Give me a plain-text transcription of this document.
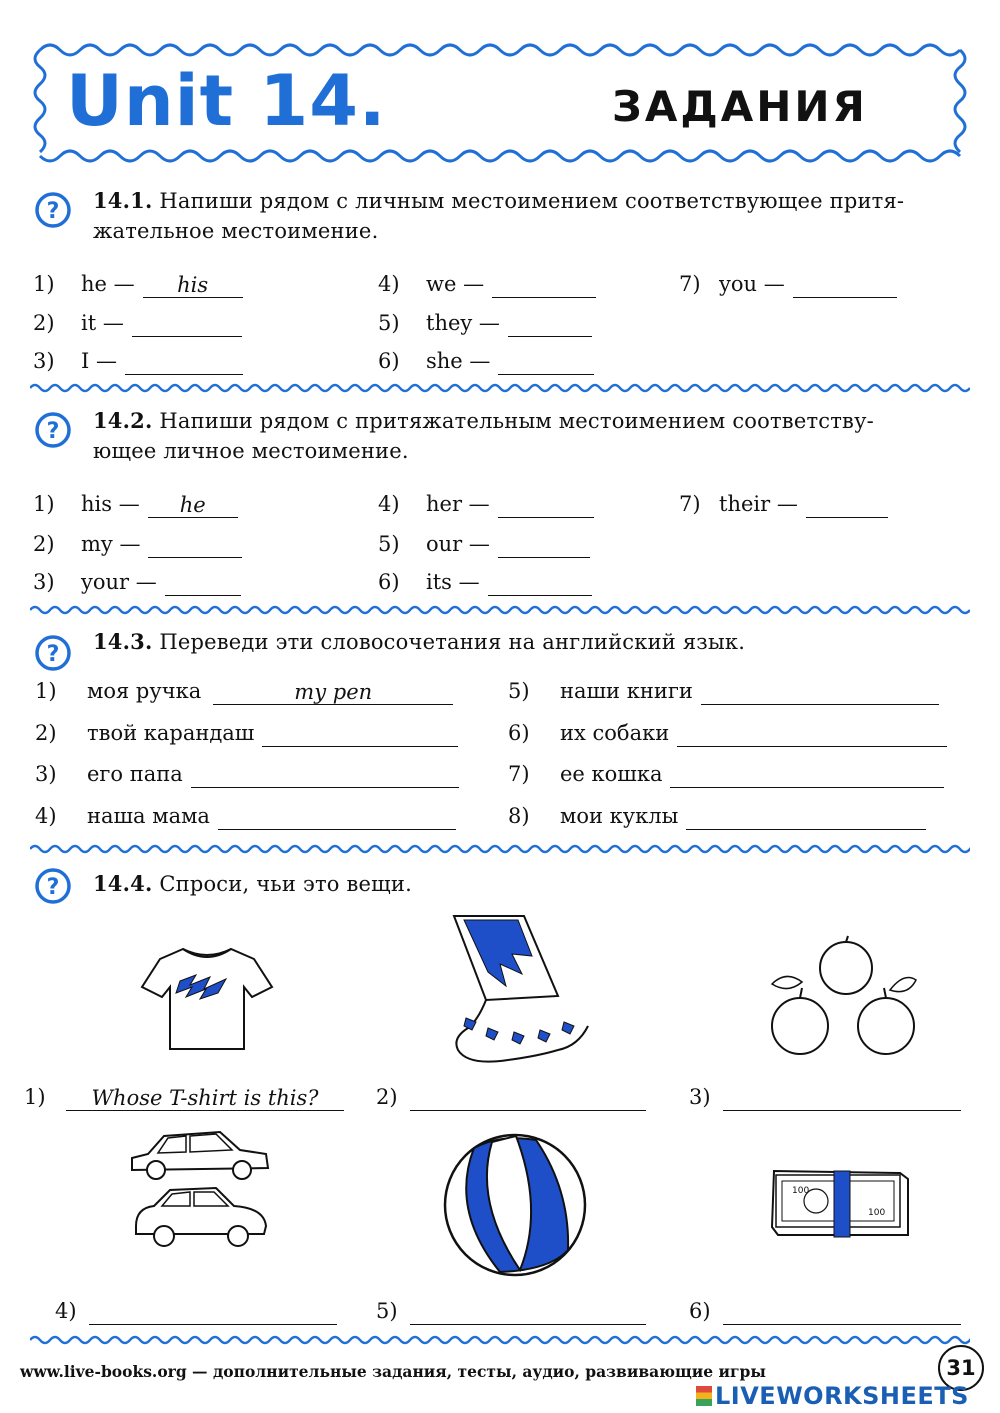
Unit 14.	ЗАДАНИЯ
? 14.1. Напиши рядом с личным местоимением соответствующее притя-
жательное местоимение.
1)	he —	his
2)	it —
3)	I —
4)	we —
5)	they —
6)	she —
7) you —
? 14.2. Напиши рядом с притяжательным местоимением соответству-
ющее личное местоимение.
1)	his —	he
2)	my —
3)	your —
4)	her —
5)	our —
6)	its —
7) their —
?
14.3. Переведи эти словосочетания на английский язык.
1)	моя ручка	my pen
2)	твой карандаш
3)	его папа
4)	наша мама
5)	наши книги
6)	их собаки
7)	ее кошка
8)	мои куклы
? 14.4. Спроси, чьи это вещи.
1)	Whose T-shirt is this?	2)	3)
100
100
4)	5)	6)
www.live-books.org — дополнительные задания, тесты, аудио, развивающие игры	31
LIVEWORKSHEETS
